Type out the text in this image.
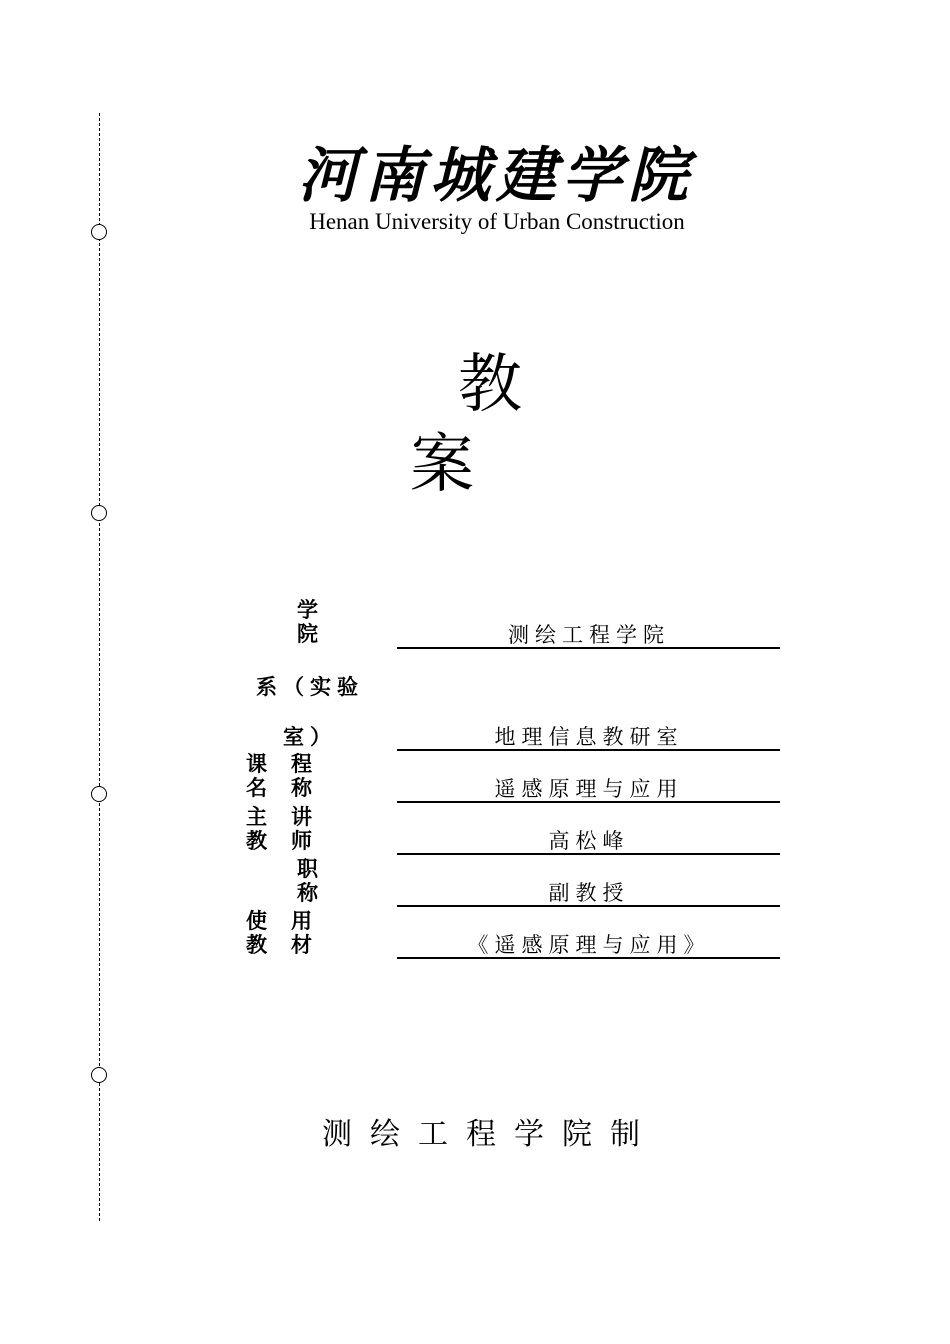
河南城建学院
Henan University of Urban Construction
教案
学院
系（实验室）
课程名称
主讲教师
职称
使用教材
测绘工程学院
地理信息教研室
遥感原理与应用
高松峰
副教授
《遥感原理与应用》
测绘工程学院制
